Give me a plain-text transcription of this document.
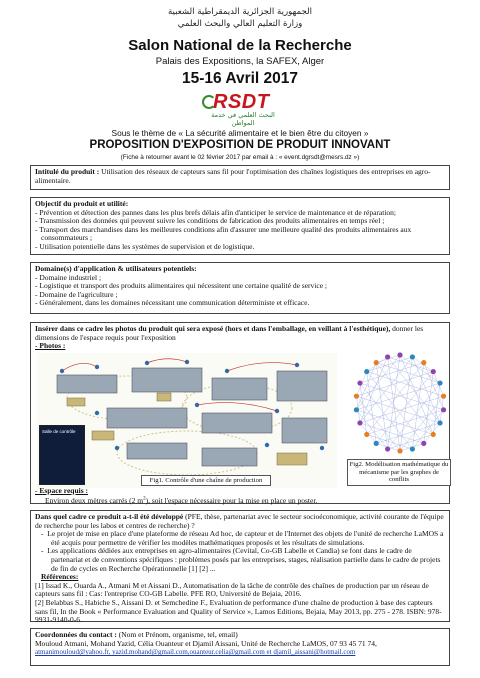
الجمهورية الجزائرية الديمقراطية الشعبية
وزارة التعليم العالي والبحث العلمي
Salon National de la Recherche
Palais des Expositions, la SAFEX, Alger
15-16 Avril 2017
RSDT
البحث العلمي في خدمة المواطن
Sous le thème de « La sécurité alimentaire et le bien être du citoyen »
PROPOSITION D'EXPOSITION DE PRODUIT INNOVANT
(Fiche à retourner avant le 02 février 2017 par email à : « event.dgrsdt@mesrs.dz »)
Intitulé du produit : Utilisation des réseaux de capteurs sans fil pour l'optimisation des chaînes logistiques des entreprises en agro-alimentaire.
Objectif du produit et utilité:
- Prévention et détection des pannes dans les plus brefs délais afin d'anticiper le service de maintenance et de réparation;
- Transmission des données qui peuvent suivre les conditions de fabrication des produits alimentaires en temps réel ;
- Transport des marchandises dans les meilleures conditions afin d'assurer une meilleure qualité des produits alimentaires aux consommateurs ;
- Utilisation potentielle dans les systèmes de supervision et de logistique.
Domaine(s) d'application & utilisateurs potentiels:
- Domaine industriel ;
- Logistique et transport des produits alimentaires qui nécessitent une certaine qualité de service ;
- Domaine de l'agriculture ;
- Généralement, dans les domaines nécessitant une communication déterministe et efficace.
Insérer dans ce cadre les photos du produit qui sera exposé (hors et dans l'emballage, en veillant à l'esthétique), donner les dimensions de l'espace requis pour l'exposition
- Photos :
Salle de contrôle
Fig1. Contrôle d'une chaîne de production
Fig2. Modélisation mathématique du mécanisme par les graphes de conflits
- Espace requis :
Environ deux mètres carrés (2 $m^2$), soit l'espace nécessaire pour la mise en place un poster.
Dans quel cadre ce produit a-t-il été développé (PFE, thèse, partenariat avec le secteur socioéconomique, activité courante de l'équipe de recherche pour les labos et centres de recherche) ?
-  Le projet de mise en place d'une plateforme de réseau Ad hoc, de capteur et de l'Internet des objets de l'unité de recherche LaMOS a été acquis pour permettre de vérifier les modèles mathématiques proposés et les résultats de simulations.
-  Les applications dédiées aux entreprises en agro-alimentaires (Cevital, Co-GB Labelle et Candia) se font dans le cadre de partenariat et de conventions spécifiques : problèmes posés par les entreprises, stages, réalisation partielle dans le cadre de projets de fin de cycles en Recherche Opérationnelle [1] [2] ...
Références:
[1] Issad K., Ouarda A., Atmani M et Aissani D., Automatisation de la tâche de contrôle des chaînes de production par un réseau de capteurs sans fil : Cas: l'entreprise CO-GB Labelle. PFE RO, Université de Bejaia, 2016.
[2] Belabbas S., Habiche S., Aissani D. et Semchedine F., Evaluation de performance d'une chaîne de production à base des capteurs sans fil, In the Book « Performance Evaluation and Quality of Service », Lamos Editions, Bejaia, May 2013, pp. 275 - 278. ISBN: 978-9931-9140-0-6.
Coordonnées du contact : (Nom et Prénom, organisme, tel, email)
Mouloud Atmani, Mohand Yazid, Célia Ouanteur et Djamil Aissani, Unité de Recherche LaMOS, 07 93 45 71 74,
atmanimouloud@yahoo.fr, yazid.mohand@gmail.com,ouanteur.celia@gmail.com et djamil_aissani@hotmail.com
